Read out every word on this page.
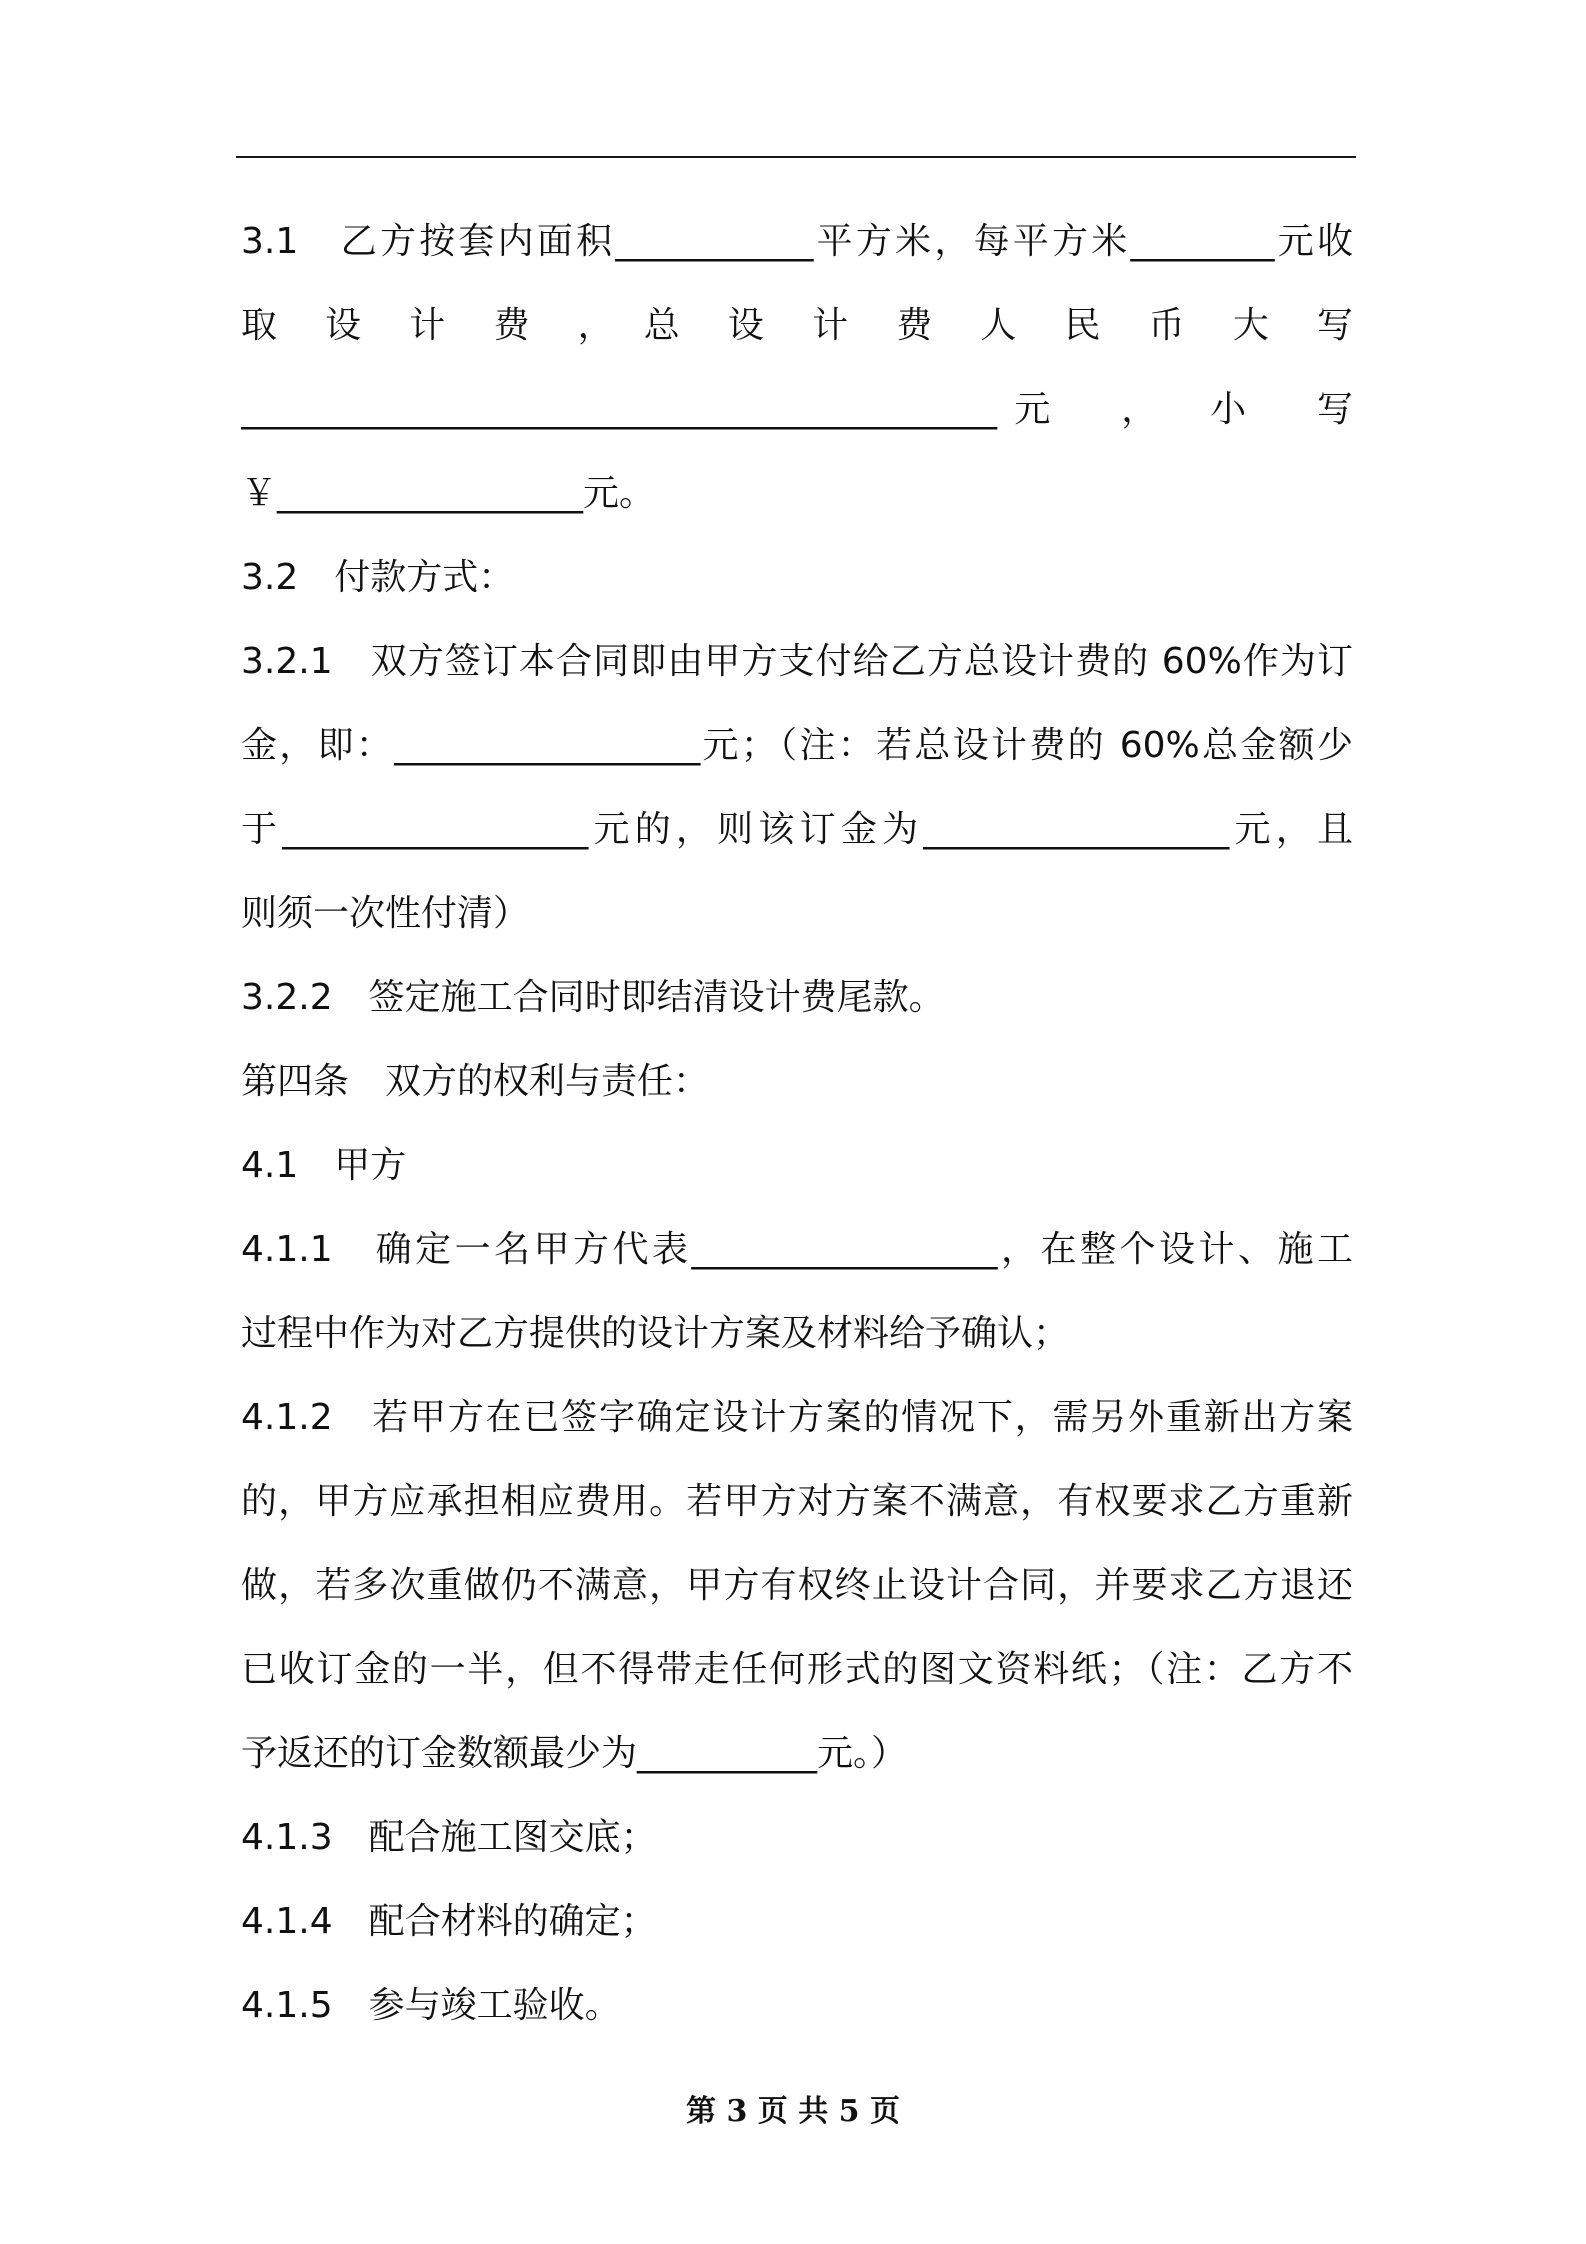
3.1　乙方按套内面积___________平方米，每平方米________元收
取　设　计　费　，　总　设　计　费　人　民　币　大　写
__________________________________________元　，　小　写
￥_________________元。
3.2　付款方式：
3.2.1　双方签订本合同即由甲方支付给乙方总设计费的 60%作为订
金，即：_________________元；（注：若总设计费的 60%总金额少
于_________________元的，则该订金为_________________元，且
则须一次性付清）
3.2.2　签定施工合同时即结清设计费尾款。
第四条　双方的权利与责任：
4.1　甲方
4.1.1　确定一名甲方代表_________________，在整个设计、施工
过程中作为对乙方提供的设计方案及材料给予确认；
4.1.2　若甲方在已签字确定设计方案的情况下，需另外重新出方案
的，甲方应承担相应费用。若甲方对方案不满意，有权要求乙方重新
做，若多次重做仍不满意，甲方有权终止设计合同，并要求乙方退还
已收订金的一半，但不得带走任何形式的图文资料纸；（注：乙方不
予返还的订金数额最少为__________元。）
4.1.3　配合施工图交底；
4.1.4　配合材料的确定；
4.1.5　参与竣工验收。
第 3 页 共 5 页
